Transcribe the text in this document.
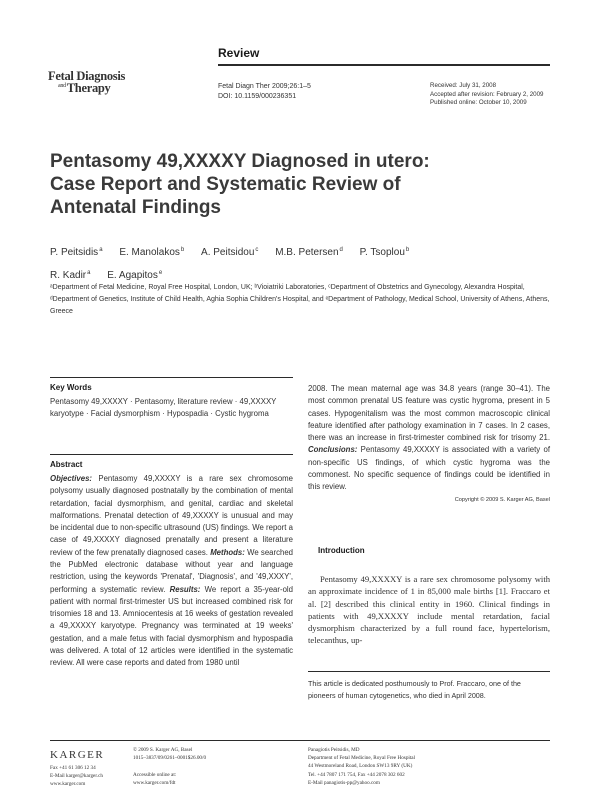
Review
Fetal Diagnosis
$^{and}$Therapy	Fetal Diagn Ther 2009;26:1–5
DOI: 10.1159/000236351
Received: July 31, 2008
Accepted after revision: February 2, 2009
Published online: October 10, 2009
Pentasomy 49,XXXXY Diagnosed in utero: Case Report and Systematic Review of Antenatal Findings
P. Peitsidis$^a$ E. Manolakos$^b$ A. Peitsidou$^c$ M.B. Petersen$^d$ P. Tsoplou$^b$
R. Kadir$^a$ E. Agapitos$^e$
ᵃDepartment of Fetal Medicine, Royal Free Hospital, London, UK; ᵇVioiatriki Laboratories, ᶜDepartment of Obstetrics and Gynecology, Alexandra Hospital, ᵈDepartment of Genetics, Institute of Child Health, Aghia Sophia Children's Hospital, and ᵉDepartment of Pathology, Medical School, University of Athens, Athens, Greece
Key Words
Pentasomy 49,XXXXY · Pentasomy, literature review · 49,XXXXY karyotype · Facial dysmorphism · Hypospadia · Cystic hygroma
Abstract
Objectives: Pentasomy 49,XXXXY is a rare sex chromosome polysomy usually diagnosed postnatally by the combination of mental retardation, facial dysmorphism, and genital, cardiac and skeletal malformations. Prenatal detection of 49,XXXXY is unusual and may be incidental due to non-specific ultrasound (US) findings. We report a case of 49,XXXXY diagnosed prenatally and present a literature review of the few prenatally diagnosed cases. Methods: We searched the PubMed electronic database without year and language restriction, using the keywords 'Prenatal', 'Diagnosis', and '49,XXXY', performing a systematic review. Results: We report a 35-year-old patient with normal first-trimester US but increased combined risk for trisomies 18 and 13. Amniocentesis at 16 weeks of gestation revealed a 49,XXXXY karyotype. Pregnancy was terminated at 19 weeks' gestation, and a male fetus with facial dysmorphism and hypospadia was delivered. A total of 12 articles were identified in the systematic review. All were case reports and dated from 1980 until
2008. The mean maternal age was 34.8 years (range 30–41). The most common prenatal US feature was cystic hygroma, present in 5 cases. Hypogenitalism was the most common macroscopic clinical feature identified after pathology examination in 7 cases. In 2 cases, there was an increase in first-trimester combined risk for trisomy 21. Conclusions: Pentasomy 49,XXXXY is associated with a variety of non-specific US findings, of which cystic hygroma was the commonest. No specific sequence of findings could be identified in this review.
Copyright © 2009 S. Karger AG, Basel
Introduction
Pentasomy 49,XXXXY is a rare sex chromosome polysomy with an approximate incidence of 1 in 85,000 male births [1]. Fraccaro et al. [2] described this clinical entity in 1960. Clinical findings in patients with 49,XXXXY include mental retardation, facial dysmorphism characterized by a full round face, hypertelorism, telecanthus, up-
This article is dedicated posthumously to Prof. Fraccaro, one of the pioneers of human cytogenetics, who died in April 2008.
KARGER
Fax +41 61 306 12 34
E-Mail karger@karger.ch
www.karger.com
© 2009 S. Karger AG, Basel
1015–3837/09/0261–0001$26.00/0
Accessible online at:
www.karger.com/fdt
Panagiotis Peitsidis, MD
Department of Fetal Medicine, Royal Free Hospital
44 Westmoreland Road, London SW13 9RY (UK)
Tel. +44 7807 171 754, Fax +44 2078 302 602
E-Mail panagiotis-pp@yahoo.com
